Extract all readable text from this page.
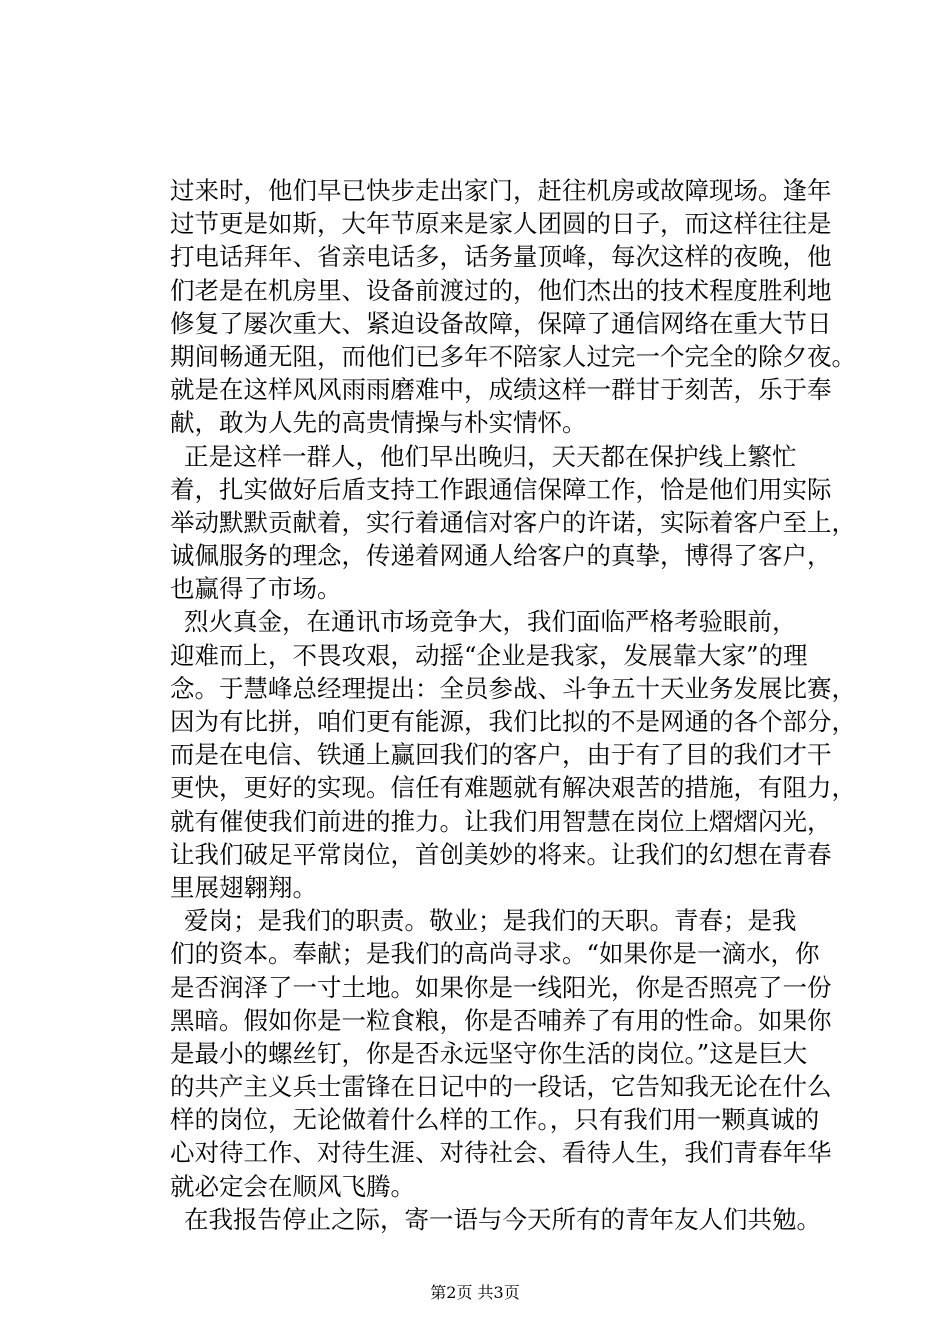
过来时，他们早已快步走出家门，赶往机房或故障现场。逢年
过节更是如斯，大年节原来是家人团圆的日子，而这样往往是
打电话拜年、省亲电话多，话务量顶峰，每次这样的夜晚，他
们老是在机房里、设备前渡过的，他们杰出的技术程度胜利地
修复了屡次重大、紧迫设备故障，保障了通信网络在重大节日
期间畅通无阻，而他们已多年不陪家人过完一个完全的除夕夜。
就是在这样风风雨雨磨难中，成绩这样一群甘于刻苦，乐于奉
献，敢为人先的高贵情操与朴实情怀。
正是这样一群人，他们早出晚归，天天都在保护线上繁忙
着，扎实做好后盾支持工作跟通信保障工作，恰是他们用实际
举动默默贡献着，实行着通信对客户的许诺，实际着客户至上，
诚佩服务的理念，传递着网通人给客户的真挚，博得了客户，
也赢得了市场。
烈火真金，在通讯市场竞争大，我们面临严格考验眼前，
迎难而上，不畏攻艰，动摇“企业是我家，发展靠大家”的理
念。于慧峰总经理提出：全员参战、斗争五十天业务发展比赛，
因为有比拼，咱们更有能源，我们比拟的不是网通的各个部分，
而是在电信、铁通上赢回我们的客户，由于有了目的我们才干
更快，更好的实现。信任有难题就有解决艰苦的措施，有阻力，
就有催使我们前进的推力。让我们用智慧在岗位上熠熠闪光，
让我们破足平常岗位，首创美妙的将来。让我们的幻想在青春
里展翅翱翔。
爱岗；是我们的职责。敬业；是我们的天职。青春；是我
们的资本。奉献；是我们的高尚寻求。“如果你是一滴水，你
是否润泽了一寸土地。如果你是一线阳光，你是否照亮了一份
黑暗。假如你是一粒食粮，你是否哺养了有用的性命。如果你
是最小的螺丝钉，你是否永远坚守你生活的岗位。”这是巨大
的共产主义兵士雷锋在日记中的一段话，它告知我无论在什么
样的岗位，无论做着什么样的工作。，只有我们用一颗真诚的
心对待工作、对待生涯、对待社会、看待人生，我们青春年华
就必定会在顺风飞腾。
在我报告停止之际，寄一语与今天所有的青年友人们共勉。
第2页 共3页
